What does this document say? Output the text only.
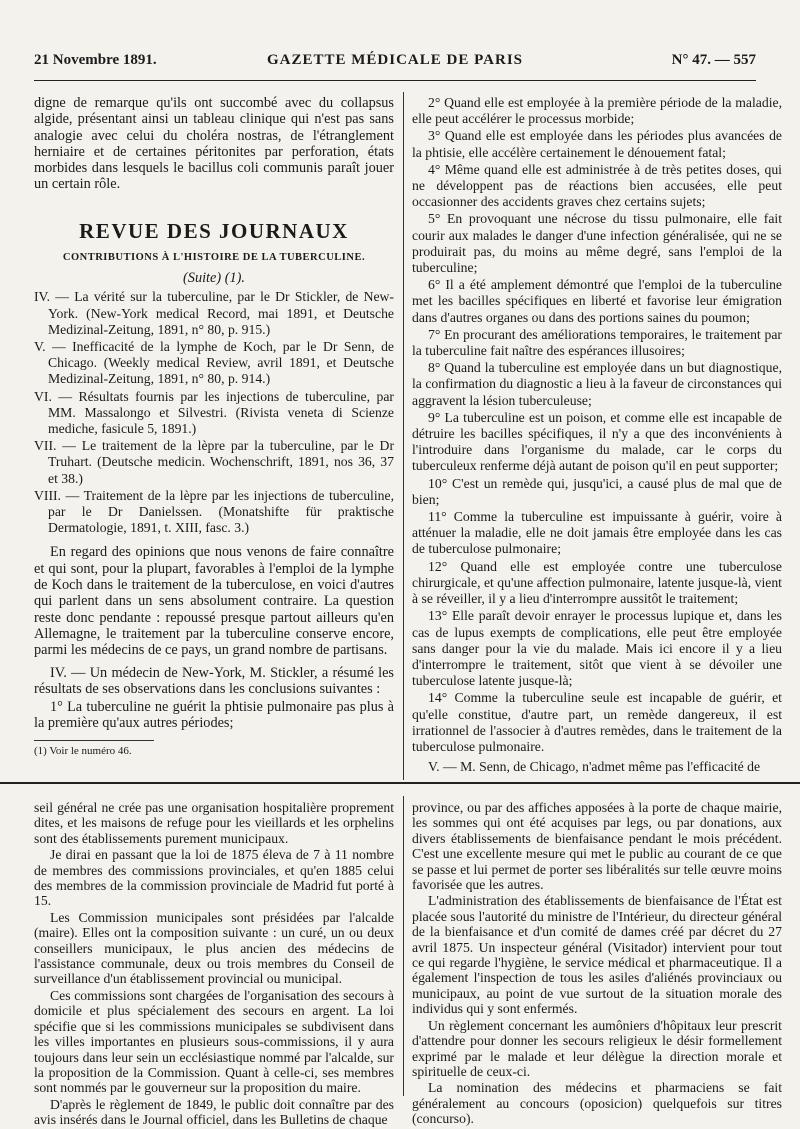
21 Novembre 1891.	GAZETTE MÉDICALE DE PARIS	N° 47. — 557

digne de remarque qu'ils ont succombé avec du collapsus algide, présentant ainsi un tableau clinique qui n'est pas sans analogie avec celui du choléra nostras, de l'étranglement herniaire et de certaines péritonites par perforation, états morbides dans lesquels le bacillus coli communis paraît jouer un certain rôle.

REVUE DES JOURNAUX
CONTRIBUTIONS À L'HISTOIRE DE LA TUBERCULINE.
(Suite) (1).

IV. — La vérité sur la tuberculine, par le Dr Stickler, de New-York. (New-York medical Record, mai 1891, et Deutsche Medizinal-Zeitung, 1891, n° 80, p. 915.)

V. — Inefficacité de la lymphe de Koch, par le Dr Senn, de Chicago. (Weekly medical Review, avril 1891, et Deutsche Medizinal-Zeitung, 1891, n° 80, p. 914.)

VI. — Résultats fournis par les injections de tuberculine, par MM. Massalongo et Silvestri. (Rivista veneta di Scienze mediche, fasicule 5, 1891.)

VII. — Le traitement de la lèpre par la tuberculine, par le Dr Truhart. (Deutsche medicin. Wochenschrift, 1891, nos 36, 37 et 38.)

VIII. — Traitement de la lèpre par les injections de tuberculine, par le Dr Danielssen. (Monatshifte für praktische Dermatologie, 1891, t. XIII, fasc. 3.)

En regard des opinions que nous venons de faire connaître et qui sont, pour la plupart, favorables à l'emploi de la lymphe de Koch dans le traitement de la tuberculose, en voici d'autres qui parlent dans un sens absolument contraire. La question reste donc pendante : repoussé presque partout ailleurs qu'en Allemagne, le traitement par la tuberculine conserve encore, parmi les médecins de ce pays, un grand nombre de partisans.

IV. — Un médecin de New-York, M. Stickler, a résumé les résultats de ses observations dans les conclusions suivantes :

1° La tuberculine ne guérit la phtisie pulmonaire pas plus à la première qu'aux autres périodes;

(1) Voir le numéro 46.

2° Quand elle est employée à la première période de la maladie, elle peut accélérer le processus morbide;

3° Quand elle est employée dans les périodes plus avancées de la phtisie, elle accélère certainement le dénouement fatal;

4° Même quand elle est administrée à de très petites doses, qui ne développent pas de réactions bien accusées, elle peut occasionner des accidents graves chez certains sujets;

5° En provoquant une nécrose du tissu pulmonaire, elle fait courir aux malades le danger d'une infection généralisée, qui ne se produirait pas, du moins au même degré, sans l'emploi de la tuberculine;

6° Il a été amplement démontré que l'emploi de la tuberculine met les bacilles spécifiques en liberté et favorise leur émigration dans d'autres organes ou dans des portions saines du poumon;

7° En procurant des améliorations temporaires, le traitement par la tuberculine fait naître des espérances illusoires;

8° Quand la tuberculine est employée dans un but diagnostique, la confirmation du diagnostic a lieu à la faveur de circonstances qui aggravent la lésion tuberculeuse;

9° La tuberculine est un poison, et comme elle est incapable de détruire les bacilles spécifiques, il n'y a que des inconvénients à l'introduire dans l'organisme du malade, car le corps du tuberculeux renferme déjà autant de poison qu'il en peut supporter;

10° C'est un remède qui, jusqu'ici, a causé plus de mal que de bien;

11° Comme la tuberculine est impuissante à guérir, voire à atténuer la maladie, elle ne doit jamais être employée dans les cas de tuberculose pulmonaire;

12° Quand elle est employée contre une tuberculose chirurgicale, et qu'une affection pulmonaire, latente jusque-là, vient à se réveiller, il y a lieu d'interrompre aussitôt le traitement;

13° Elle paraît devoir enrayer le processus lupique et, dans les cas de lupus exempts de complications, elle peut être employée sans danger pour la vie du malade. Mais ici encore il y a lieu d'interrompre le traitement, sitôt que vient à se dévoiler une tuberculose latente jusque-là;

14° Comme la tuberculine seule est incapable de guérir, et qu'elle constitue, d'autre part, un remède dangereux, il est irrationnel de l'associer à d'autres remèdes, dans le traitement de la tuberculose pulmonaire.

V. — M. Senn, de Chicago, n'admet même pas l'efficacité de

seil général ne crée pas une organisation hospitalière proprement dites, et les maisons de refuge pour les vieillards et les orphelins sont des établissements purement municipaux.

Je dirai en passant que la loi de 1875 éleva de 7 à 11 nombre de membres des commissions provinciales, et qu'en 1885 celui des membres de la commission provinciale de Madrid fut porté à 15.

Les Commission municipales sont présidées par l'alcalde (maire). Elles ont la composition suivante : un curé, un ou deux conseillers municipaux, le plus ancien des médecins de l'assistance communale, deux ou trois membres du Conseil de surveillance d'un établissement provincial ou municipal.

Ces commissions sont chargées de l'organisation des secours à domicile et plus spécialement des secours en argent. La loi spécifie que si les commissions municipales se subdivisent dans les villes importantes en plusieurs sous-commissions, il y aura toujours dans leur sein un ecclésiastique nommé par l'alcalde, sur la proposition de la Commission. Quant à celle-ci, ses membres sont nommés par le gouverneur sur la proposition du maire.

D'après le règlement de 1849, le public doit connaître par des avis insérés dans le Journal officiel, dans les Bulletins de chaque

province, ou par des affiches apposées à la porte de chaque mairie, les sommes qui ont été acquises par legs, ou par donations, aux divers établissements de bienfaisance pendant le mois précédent. C'est une excellente mesure qui met le public au courant de ce que se passe et lui permet de porter ses libéralités sur telle œuvre moins favorisée que les autres.

L'administration des établissements de bienfaisance de l'État est placée sous l'autorité du ministre de l'Intérieur, du directeur général de la bienfaisance et d'un comité de dames créé par décret du 27 avril 1875. Un inspecteur général (Visitador) intervient pour tout ce qui regarde l'hygiène, le service médical et pharmaceutique. Il a également l'inspection de tous les asiles d'aliénés provinciaux ou municipaux, au point de vue surtout de la situation morale des individus qui y sont enfermés.

Un règlement concernant les aumôniers d'hôpitaux leur prescrit d'attendre pour donner les secours religieux le désir formellement exprimé par le malade et leur délègue la direction morale et spirituelle de ceux-ci.

La nomination des médecins et pharmaciens se fait généralement au concours (oposicion) quelquefois sur titres (concurso).
